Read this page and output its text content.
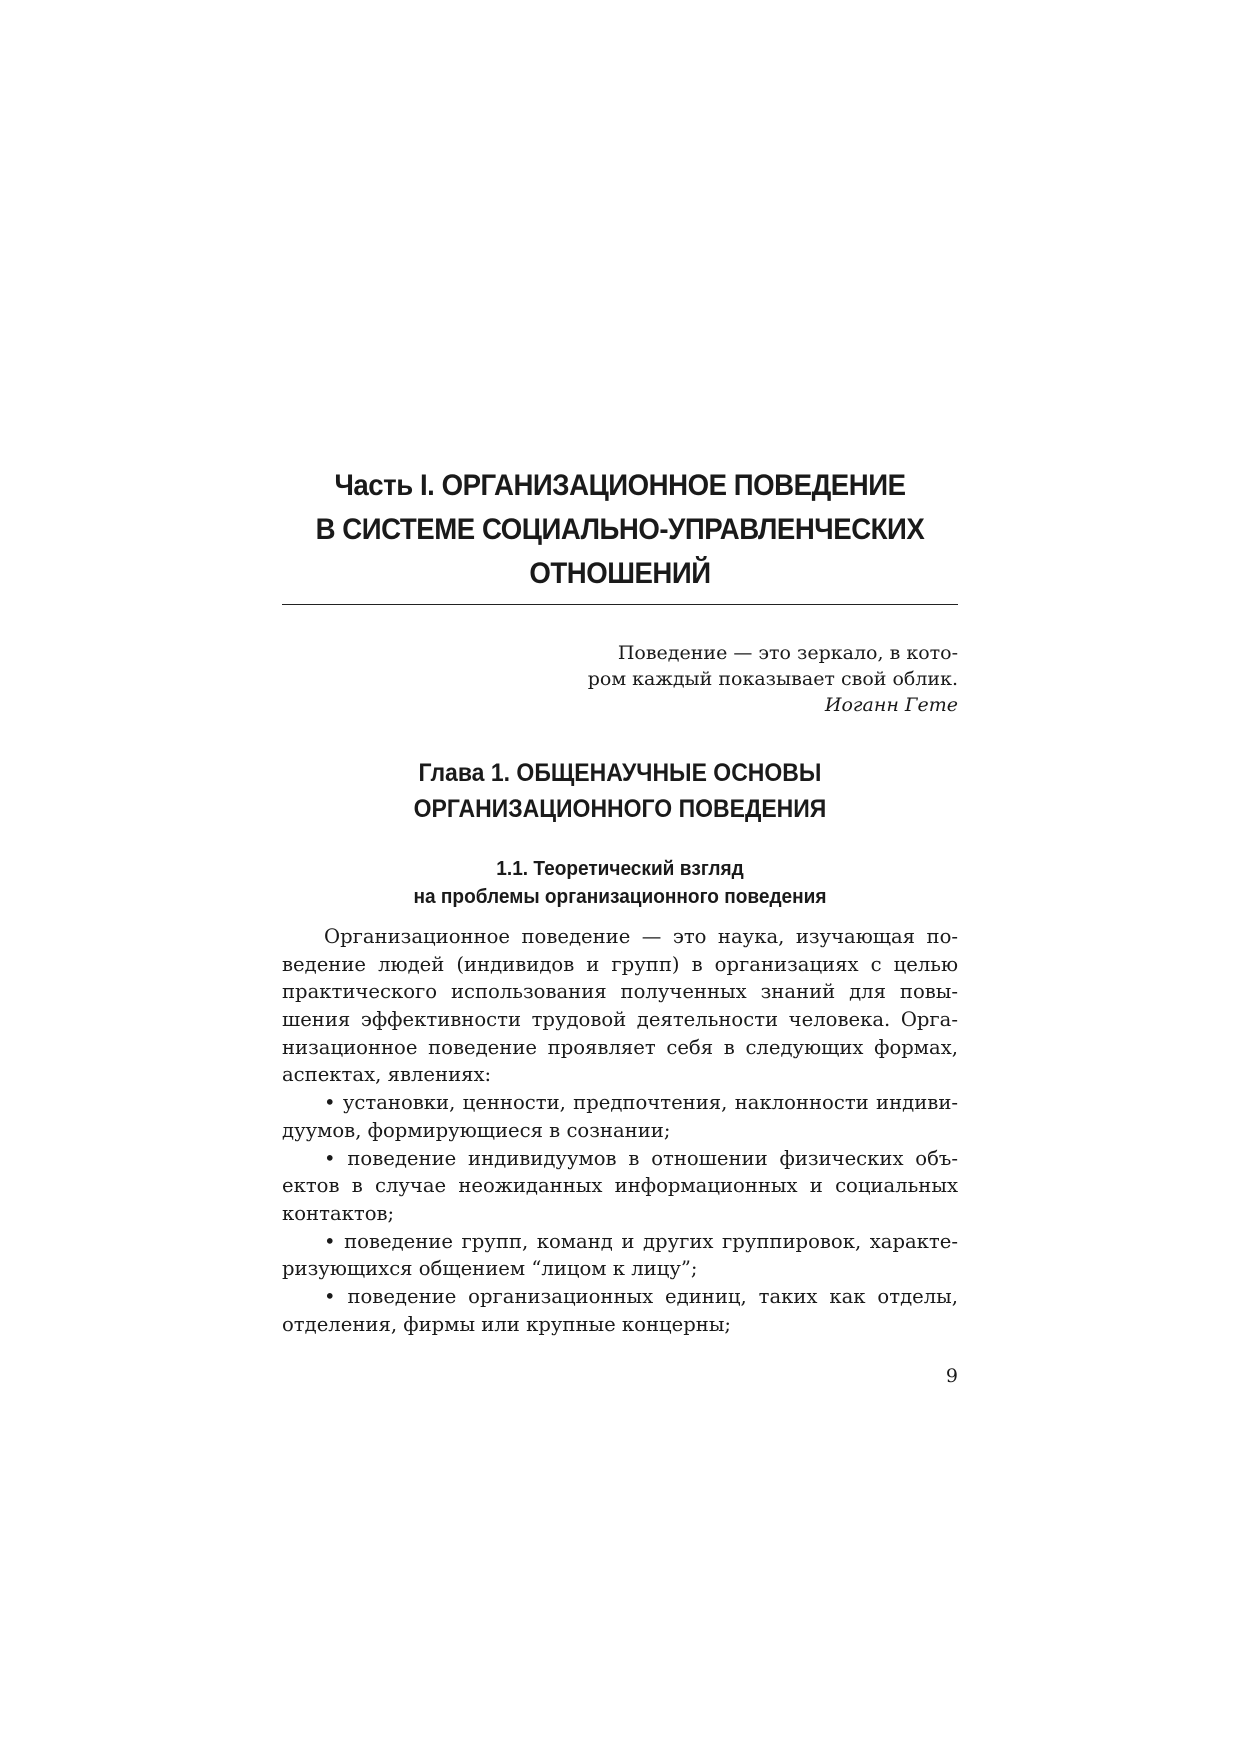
Часть I. ОРГАНИЗАЦИОННОЕ ПОВЕДЕНИЕ
В СИСТЕМЕ СОЦИАЛЬНО-УПРАВЛЕНЧЕСКИХ
ОТНОШЕНИЙ
Поведение — это зеркало, в кото-
ром каждый показывает свой облик.
Иоганн Гете
Глава 1. ОБЩЕНАУЧНЫЕ ОСНОВЫ
ОРГАНИЗАЦИОННОГО ПОВЕДЕНИЯ
1.1. Теоретический взгляд
на проблемы организационного поведения
Организационное поведение — это наука, изучающая по-
ведение людей (индивидов и групп) в организациях с целью
практического использования полученных знаний для повы-
шения эффективности трудовой деятельности человека. Орга-
низационное поведение проявляет себя в следующих формах,
аспектах, явлениях:
• установки, ценности, предпочтения, наклонности индиви-
дуумов, формирующиеся в сознании;
• поведение индивидуумов в отношении физических объ-
ектов в случае неожиданных информационных и социальных
контактов;
• поведение групп, команд и других группировок, характе-
ризующихся общением “лицом к лицу”;
• поведение организационных единиц, таких как отделы,
отделения, фирмы или крупные концерны;
9
